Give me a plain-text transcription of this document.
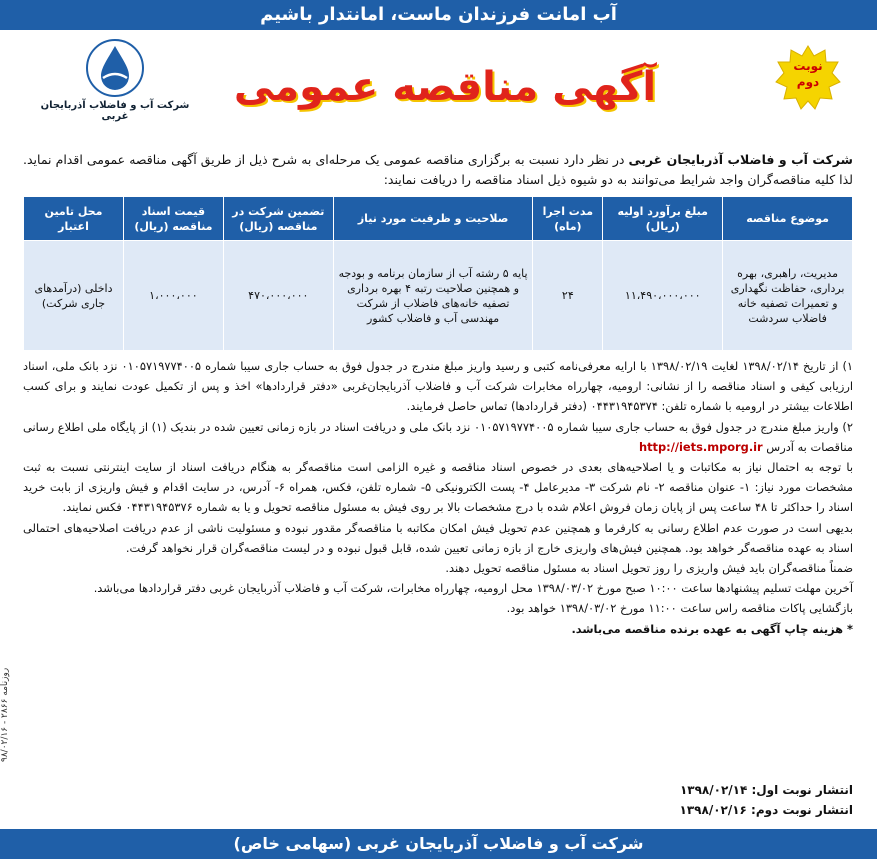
آب امانت فرزندان ماست، امانتدار باشیم
شرکت آب و فاضلاب آذربایجان غربی
نوبت
دوم
آگهی مناقصه عمومی
شرکت آب و فاضلاب آذربایجان غربی در نظر دارد نسبت به برگزاری مناقصه عمومی یک مرحله‌ای به شرح ذیل از طریق آگهی مناقصه عمومی اقدام نماید. لذا کلیه مناقصه‌گران واجد شرایط می‌توانند به دو شیوه ذیل اسناد مناقصه را دریافت نمایند:
موضوع مناقصه	مبلغ برآورد اولیه (ریال)	مدت اجرا (ماه)	صلاحیت و ظرفیت مورد نیاز	تضمین شرکت در مناقصه (ریال)	قیمت اسناد مناقصه (ریال)	محل تامین اعتبار
مدیریت، راهبری، بهره برداری، حفاظت نگهداری و تعمیرات تصفیه خانه فاضلاب سردشت	۱۱،۴۹۰،۰۰۰،۰۰۰	۲۴	پایه ۵ رشته آب از سازمان برنامه و بودجه و همچنین صلاحیت رتبه ۴ بهره برداری تصفیه خانه‌های فاضلاب از شرکت مهندسی آب و فاضلاب کشور	۴۷۰،۰۰۰،۰۰۰	۱،۰۰۰،۰۰۰	داخلی (درآمدهای جاری شرکت)

۱) از تاریخ ۱۳۹۸/۰۲/۱۴ لغایت ۱۳۹۸/۰۲/۱۹ با ارایه معرفی‌نامه کتبی و رسید واریز مبلغ مندرج در جدول فوق به حساب جاری سیبا شماره ۰۱۰۵۷۱۹۷۷۴۰۰۵ نزد بانک ملی، اسناد ارزیابی کیفی و اسناد مناقصه را از نشانی: ارومیه، چهارراه مخابرات شرکت آب و فاضلاب آذربایجان‌غربی «دفتر قراردادها» اخذ و پس از تکمیل عودت نمایند و برای کسب اطلاعات بیشتر در ارومیه با شماره تلفن: ۰۴۴۳۱۹۴۵۳۷۴ (دفتر قراردادها) تماس حاصل فرمایند.

۲) واریز مبلغ مندرج در جدول فوق به حساب جاری سیبا شماره ۰۱۰۵۷۱۹۷۷۴۰۰۵ نزد بانک ملی و دریافت اسناد در بازه زمانی تعیین شده در بندیک (۱) از پایگاه ملی اطلاع رسانی مناقصات به آدرس http://iets.mporg.ir

با توجه به احتمال نیاز به مکاتبات و یا اصلاحیه‌های بعدی در خصوص اسناد مناقصه و غیره الزامی است مناقصه‌گر به هنگام دریافت اسناد از سایت اینترنتی نسبت به ثبت مشخصات مورد نیاز: ۱- عنوان مناقصه ۲- نام شرکت ۳- مدیرعامل ۴- پست الکترونیکی ۵- شماره تلفن، فکس، همراه ۶- آدرس، در سایت اقدام و فیش واریزی از بابت خرید اسناد را حداکثر تا ۴۸ ساعت پس از پایان زمان فروش اعلام شده با درج مشخصات بالا بر روی فیش به مسئول مناقصه تحویل و یا به شماره ۰۴۴۳۱۹۴۵۳۷۶ فکس نمایند.

بدیهی است در صورت عدم اطلاع رسانی به کارفرما و همچنین عدم تحویل فیش امکان مکاتبه با مناقصه‌گر مقدور نبوده و مسئولیت ناشی از عدم دریافت اصلاحیه‌های احتمالی اسناد به عهده مناقصه‌گر خواهد بود. همچنین فیش‌های واریزی خارج از بازه زمانی تعیین شده، قابل قبول نبوده و در لیست مناقصه‌گران قرار نخواهد گرفت.

ضمناً مناقصه‌گران باید فیش واریزی را روز تحویل اسناد به مسئول مناقصه تحویل دهند.

آخرین مهلت تسلیم پیشنهادها ساعت ۱۰:۰۰ صبح مورخ ۱۳۹۸/۰۳/۰۲ محل ارومیه، چهارراه مخابرات، شرکت آب و فاضلاب آذربایجان غربی دفتر قراردادها می‌باشد.

بازگشایی پاکات مناقصه راس ساعت ۱۱:۰۰ مورخ ۱۳۹۸/۰۳/۰۲ خواهد بود.

* هزینه چاپ آگهی به عهده برنده مناقصه می‌باشد.

انتشار نوبت اول: ۱۳۹۸/۰۲/۱۴
انتشار نوبت دوم: ۱۳۹۸/۰۲/۱۶
روزنامه ۲۸۶۶ - ۹۸/۰۲/۱۶
شرکت آب و فاضلاب آذربایجان غربی (سهامی خاص)
